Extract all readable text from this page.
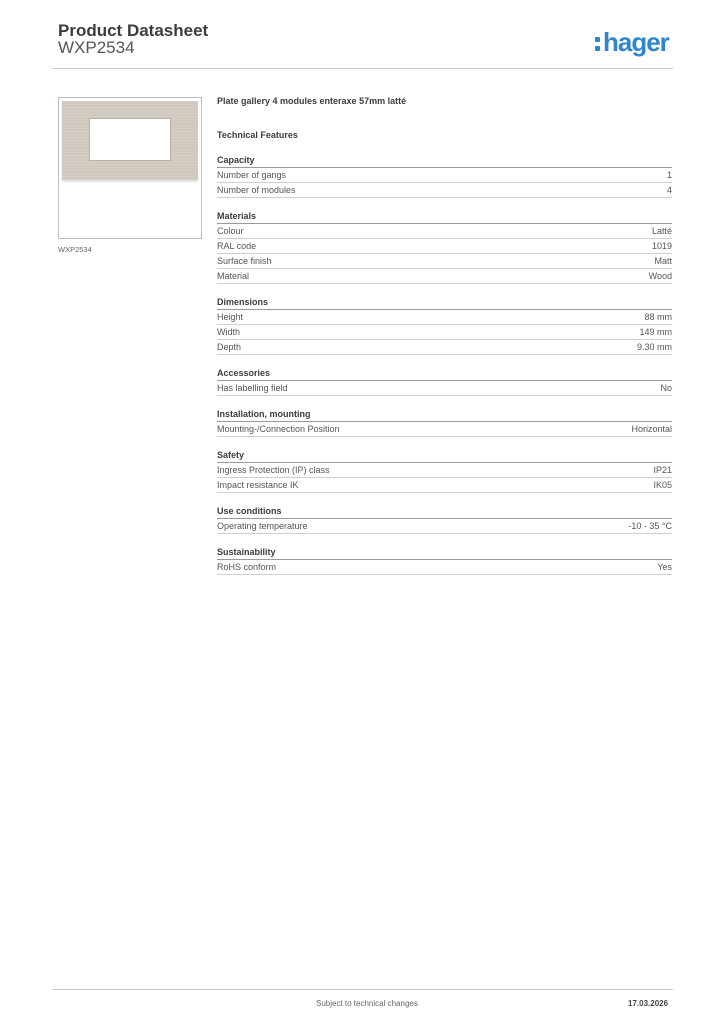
Product Datasheet
WXP2534	hager
WXP2534
Plate gallery 4 modules enteraxe 57mm latté
Technical Features
Capacity
Number of gangs	1
Number of modules	4
Materials
Colour	Latté
RAL code	1019
Surface finish	Matt
Material	Wood
Dimensions
Height	88 mm
Width	149 mm
Depth	9.30 mm
Accessories
Has labelling field	No
Installation, mounting
Mounting-/Connection Position	Horizontal
Safety
Ingress Protection (IP) class	IP21
Impact resistance IK	IK05
Use conditions
Operating temperature	-10 - 35 °C
Sustainability
RoHS conform	Yes
Subject to technical changes	17.03.2026
